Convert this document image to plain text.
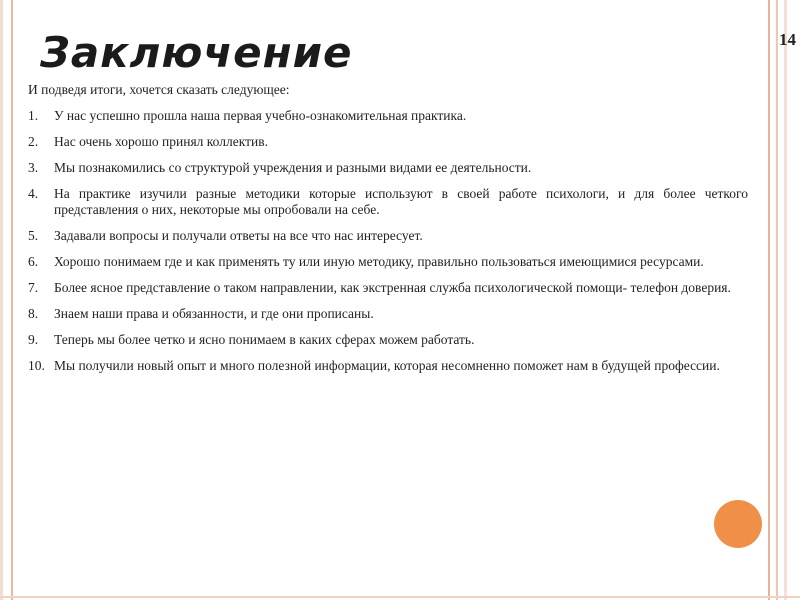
Заключение	14
И подведя итоги, хочется сказать следующее:
1.	У нас успешно прошла наша первая учебно-ознакомительная практика.
2.	Нас очень хорошо принял коллектив.
3.	Мы познакомились со структурой учреждения и разными видами ее деятельности.
4.	На практике изучили разные методики которые используют в своей работе психологи, и для более четкого представления о них, некоторые мы опробовали на себе.
5.	Задавали вопросы и получали ответы на все что нас интересует.
6.	Хорошо понимаем где и как применять ту или иную методику, правильно пользоваться имеющимися ресурсами.
7.	Более ясное представление о таком направлении, как экстренная служба психологической помощи- телефон доверия.
8.	Знаем наши права и обязанности, и где они прописаны.
9.	Теперь мы более четко и ясно понимаем в каких сферах можем работать.
10. Мы получили новый опыт и много полезной информации, которая несомненно поможет нам в будущей профессии.
